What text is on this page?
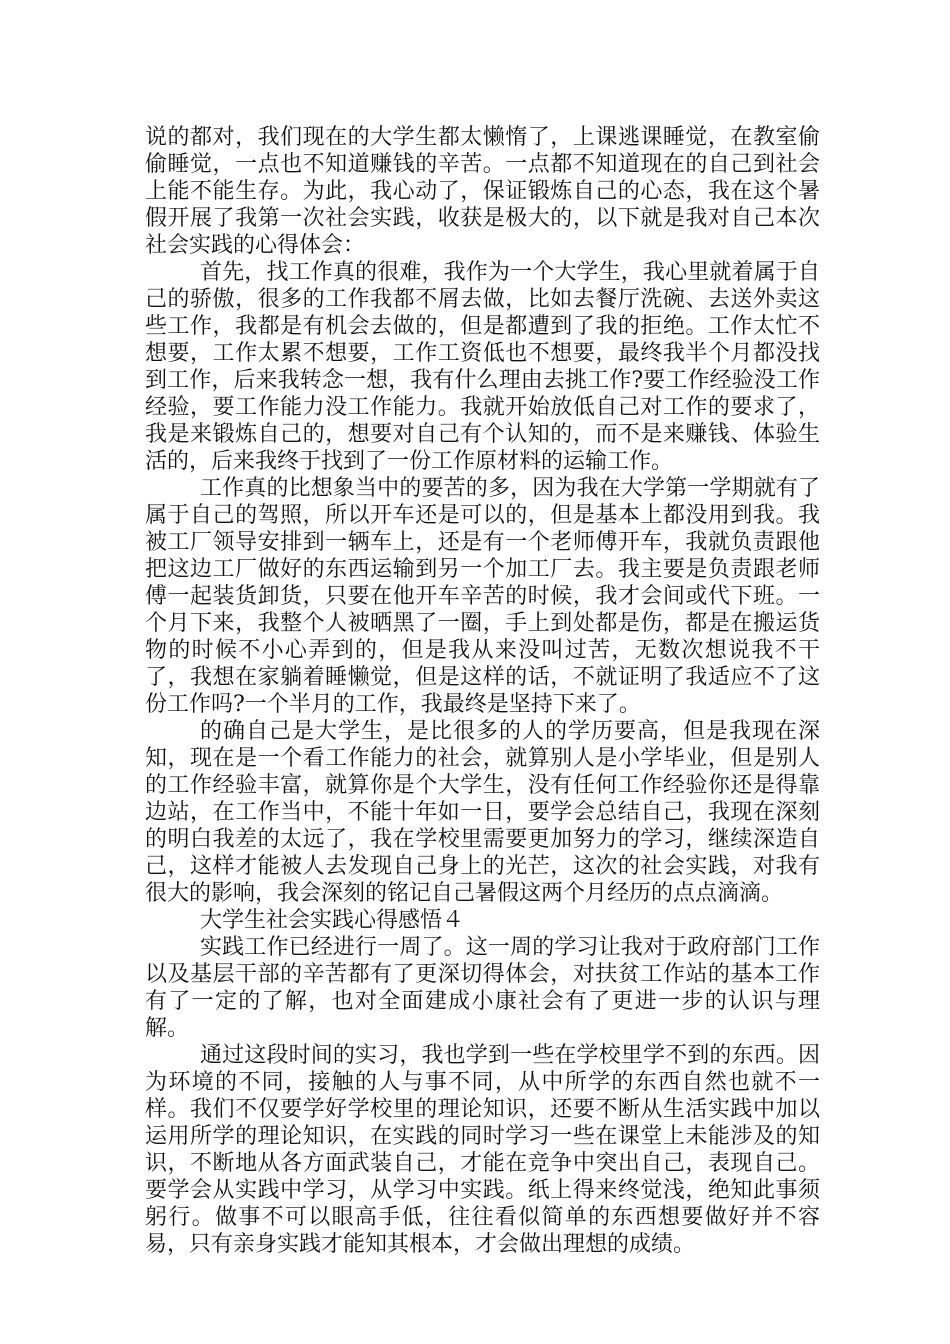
说的都对，我们现在的大学生都太懒惰了，上课逃课睡觉，在教室偷偷睡觉，一点也不知道赚钱的辛苦。一点都不知道现在的自己到社会上能不能生存。为此，我心动了，保证锻炼自己的心态，我在这个暑假开展了我第一次社会实践，收获是极大的，以下就是我对自己本次社会实践的心得体会：

首先，找工作真的很难，我作为一个大学生，我心里就着属于自己的骄傲，很多的工作我都不屑去做，比如去餐厅洗碗、去送外卖这些工作，我都是有机会去做的，但是都遭到了我的拒绝。工作太忙不想要，工作太累不想要，工作工资低也不想要，最终我半个月都没找到工作，后来我转念一想，我有什么理由去挑工作?要工作经验没工作经验，要工作能力没工作能力。我就开始放低自己对工作的要求了，我是来锻炼自己的，想要对自己有个认知的，而不是来赚钱、体验生活的，后来我终于找到了一份工作原材料的运输工作。

工作真的比想象当中的要苦的多，因为我在大学第一学期就有了属于自己的驾照，所以开车还是可以的，但是基本上都没用到我。我被工厂领导安排到一辆车上，还是有一个老师傅开车，我就负责跟他把这边工厂做好的东西运输到另一个加工厂去。我主要是负责跟老师傅一起装货卸货，只要在他开车辛苦的时候，我才会间或代下班。一个月下来，我整个人被晒黑了一圈，手上到处都是伤，都是在搬运货物的时候不小心弄到的，但是我从来没叫过苦，无数次想说我不干了，我想在家躺着睡懒觉，但是这样的话，不就证明了我适应不了这份工作吗?一个半月的工作，我最终是坚持下来了。

的确自己是大学生，是比很多的人的学历要高，但是我现在深知，现在是一个看工作能力的社会，就算别人是小学毕业，但是别人的工作经验丰富，就算你是个大学生，没有任何工作经验你还是得靠边站，在工作当中，不能十年如一日，要学会总结自己，我现在深刻的明白我差的太远了，我在学校里需要更加努力的学习，继续深造自己，这样才能被人去发现自己身上的光芒，这次的社会实践，对我有很大的影响，我会深刻的铭记自己暑假这两个月经历的点点滴滴。

大学生社会实践心得感悟４

实践工作已经进行一周了。这一周的学习让我对于政府部门工作以及基层干部的辛苦都有了更深切得体会，对扶贫工作站的基本工作有了一定的了解，也对全面建成小康社会有了更进一步的认识与理解。

通过这段时间的实习，我也学到一些在学校里学不到的东西。因为环境的不同，接触的人与事不同，从中所学的东西自然也就不一样。我们不仅要学好学校里的理论知识，还要不断从生活实践中加以运用所学的理论知识，在实践的同时学习一些在课堂上未能涉及的知识，不断地从各方面武装自己，才能在竞争中突出自己，表现自己。要学会从实践中学习，从学习中实践。纸上得来终觉浅，绝知此事须躬行。做事不可以眼高手低，往往看似简单的东西想要做好并不容易，只有亲身实践才能知其根本，才会做出理想的成绩。
